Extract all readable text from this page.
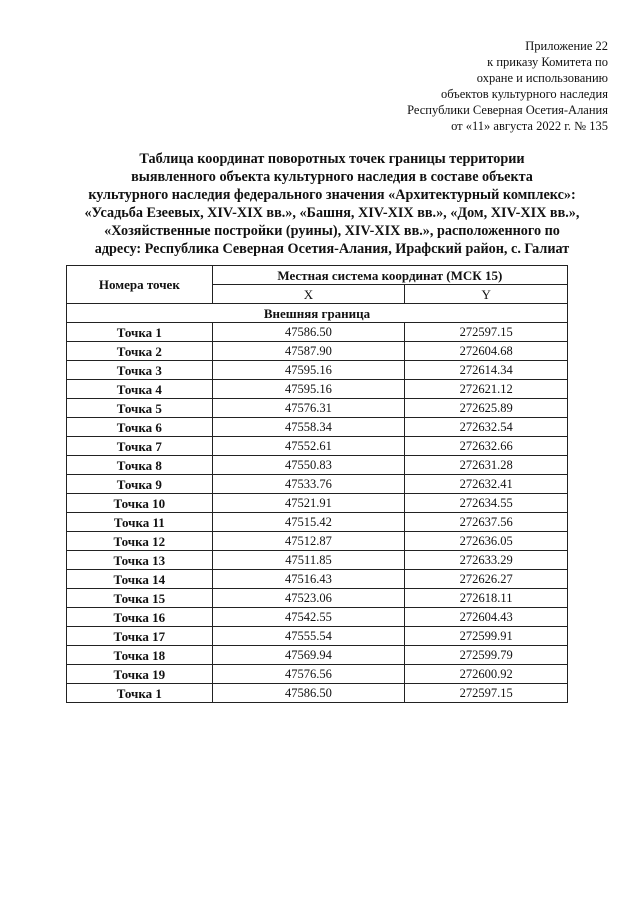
Приложение 22
к приказу Комитета по
охране и использованию
объектов культурного наследия
Республики Северная Осетия-Алания
от «11» августа 2022 г. № 135
Таблица координат поворотных точек границы территории
выявленного объекта культурного наследия в составе объекта
культурного наследия федерального значения «Архитектурный комплекс»:
«Усадьба Езеевых, XIV-XIX вв.», «Башня, XIV-XIX вв.», «Дом, XIV-XIX вв.»,
«Хозяйственные постройки (руины), XIV-XIX вв.», расположенного по
адресу: Республика Северная Осетия-Алания, Ирафский район, с. Галиат
Номера точек	Местная система координат (МСК 15)	
	X	Y
Внешняя граница		
Точка 1	47586.50	272597.15
Точка 2	47587.90	272604.68
Точка 3	47595.16	272614.34
Точка 4	47595.16	272621.12
Точка 5	47576.31	272625.89
Точка 6	47558.34	272632.54
Точка 7	47552.61	272632.66
Точка 8	47550.83	272631.28
Точка 9	47533.76	272632.41
Точка 10	47521.91	272634.55
Точка 11	47515.42	272637.56
Точка 12	47512.87	272636.05
Точка 13	47511.85	272633.29
Точка 14	47516.43	272626.27
Точка 15	47523.06	272618.11
Точка 16	47542.55	272604.43
Точка 17	47555.54	272599.91
Точка 18	47569.94	272599.79
Точка 19	47576.56	272600.92
Точка 1	47586.50	272597.15
